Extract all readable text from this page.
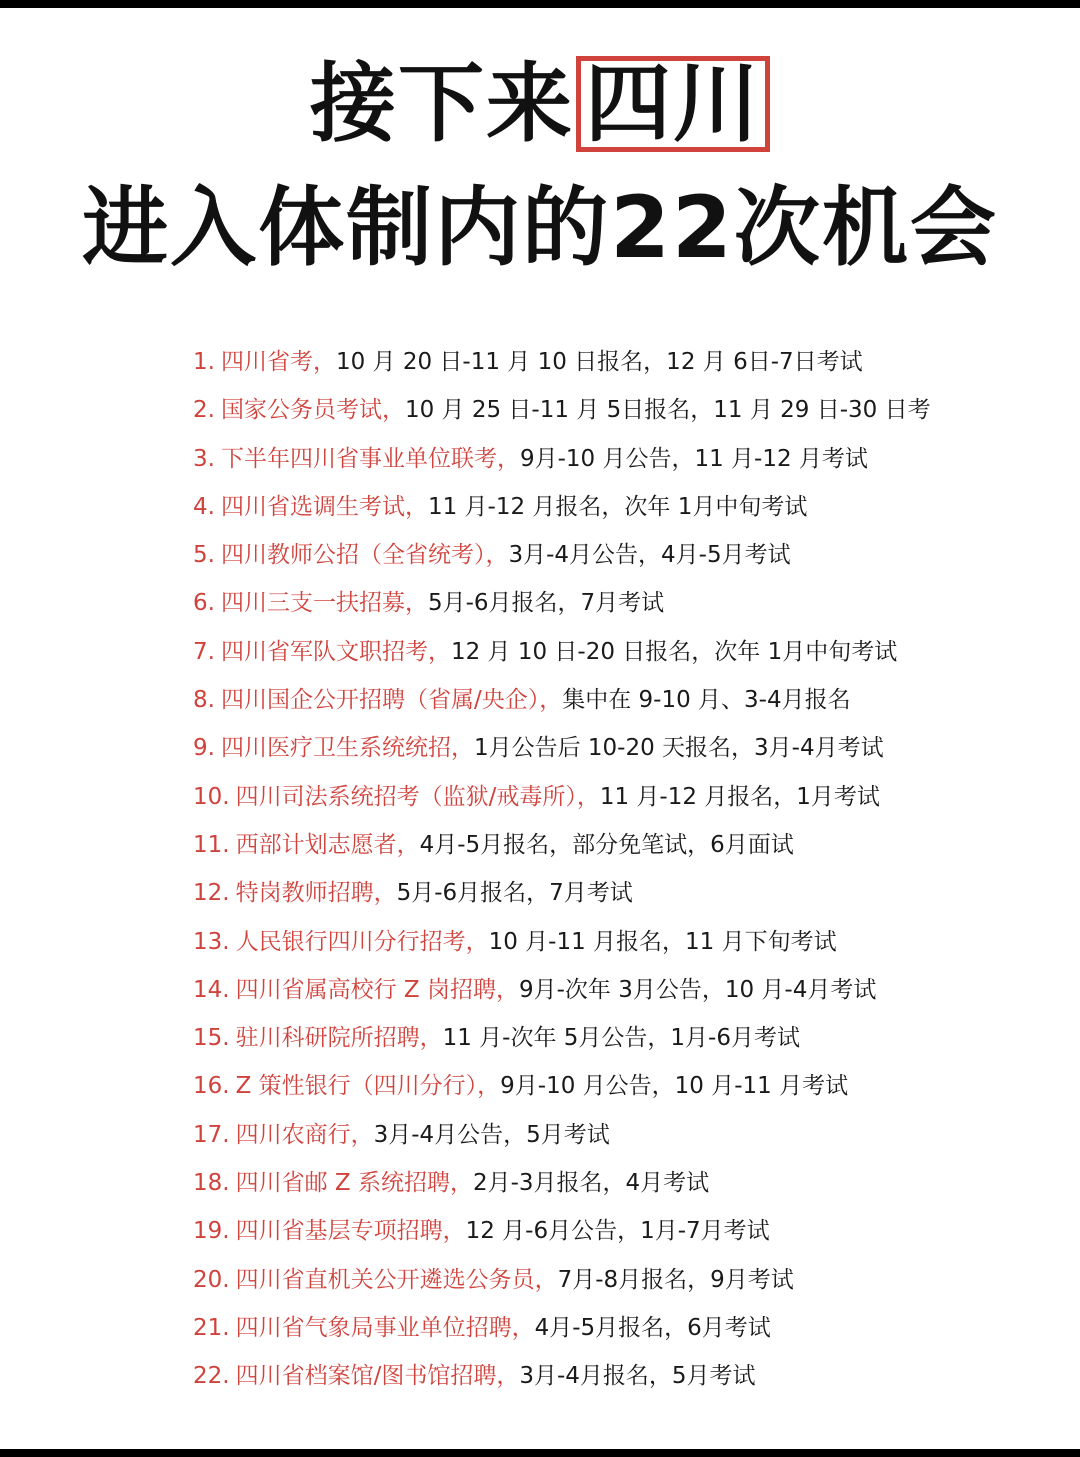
接下来 四川
进入体制内的22次机会
1. 四川省考，10 月 20 日-11 月 10 日报名，12 月 6日-7日考试
2. 国家公务员考试，10 月 25 日-11 月 5日报名，11 月 29 日-30 日考
3. 下半年四川省事业单位联考，9月-10 月公告，11 月-12 月考试
4. 四川省选调生考试，11 月-12 月报名，次年 1月中旬考试
5. 四川教师公招（全省统考），3月-4月公告，4月-5月考试
6. 四川三支一扶招募，5月-6月报名，7月考试
7. 四川省军队文职招考，12 月 10 日-20 日报名，次年 1月中旬考试
8. 四川国企公开招聘（省属/央企），集中在 9-10 月、3-4月报名
9. 四川医疗卫生系统统招，1月公告后 10-20 天报名，3月-4月考试
10. 四川司法系统招考（监狱/戒毒所），11 月-12 月报名，1月考试
11. 西部计划志愿者，4月-5月报名，部分免笔试，6月面试
12. 特岗教师招聘，5月-6月报名，7月考试
13. 人民银行四川分行招考，10 月-11 月报名，11 月下旬考试
14. 四川省属高校行 Z 岗招聘，9月-次年 3月公告，10 月-4月考试
15. 驻川科研院所招聘，11 月-次年 5月公告，1月-6月考试
16. Z 策性银行（四川分行），9月-10 月公告，10 月-11 月考试
17. 四川农商行，3月-4月公告，5月考试
18. 四川省邮 Z 系统招聘，2月-3月报名，4月考试
19. 四川省基层专项招聘，12 月-6月公告，1月-7月考试
20. 四川省直机关公开遴选公务员，7月-8月报名，9月考试
21. 四川省气象局事业单位招聘，4月-5月报名，6月考试
22. 四川省档案馆/图书馆招聘，3月-4月报名，5月考试
